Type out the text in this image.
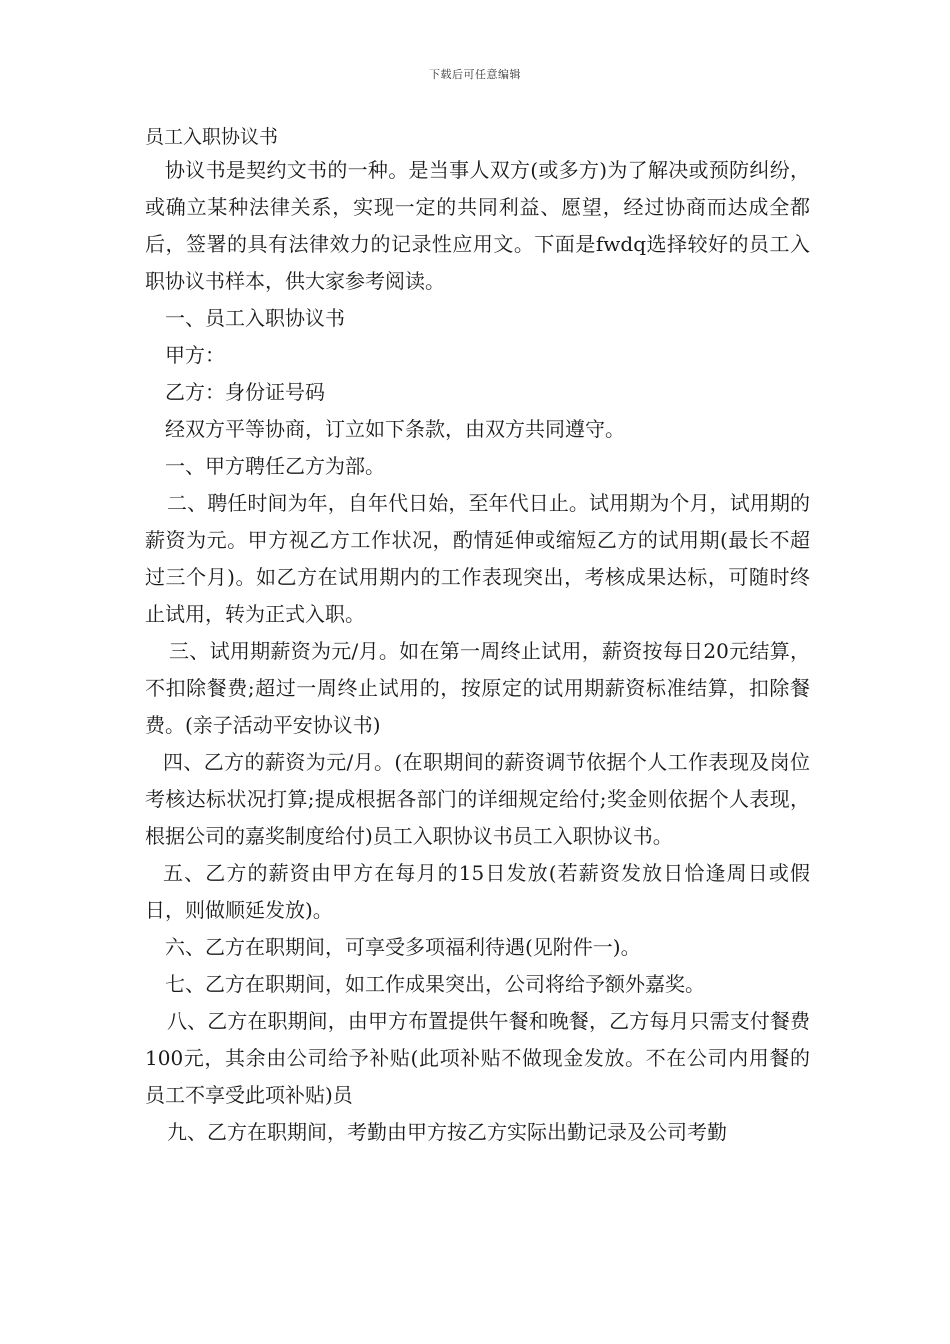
下载后可任意编辑
员工入职协议书

协议书是契约文书的一种。是当事人双方(或多方)为了解决或预防纠纷，或确立某种法律关系，实现一定的共同利益、愿望，经过协商而达成全都后，签署的具有法律效力的记录性应用文。下面是fwdq选择较好的员工入职协议书样本，供大家参考阅读。

一、员工入职协议书

甲方：

乙方：身份证号码

经双方平等协商，订立如下条款，由双方共同遵守。

一、甲方聘任乙方为部。

二、聘任时间为年，自年代日始，至年代日止。试用期为个月，试用期的薪资为元。甲方视乙方工作状况，酌情延伸或缩短乙方的试用期(最长不超过三个月)。如乙方在试用期内的工作表现突出，考核成果达标，可随时终止试用，转为正式入职。

三、试用期薪资为元/月。如在第一周终止试用，薪资按每日20元结算，不扣除餐费;超过一周终止试用的，按原定的试用期薪资标准结算，扣除餐费。(亲子活动平安协议书)

四、乙方的薪资为元/月。(在职期间的薪资调节依据个人工作表现及岗位考核达标状况打算;提成根据各部门的详细规定给付;奖金则依据个人表现，根据公司的嘉奖制度给付)员工入职协议书员工入职协议书。

五、乙方的薪资由甲方在每月的15日发放(若薪资发放日恰逢周日或假日，则做顺延发放)。

六、乙方在职期间，可享受多项福利待遇(见附件一)。

七、乙方在职期间，如工作成果突出，公司将给予额外嘉奖。

八、乙方在职期间，由甲方布置提供午餐和晚餐，乙方每月只需支付餐费100元，其余由公司给予补贴(此项补贴不做现金发放。不在公司内用餐的员工不享受此项补贴)员

九、乙方在职期间，考勤由甲方按乙方实际出勤记录及公司考勤
